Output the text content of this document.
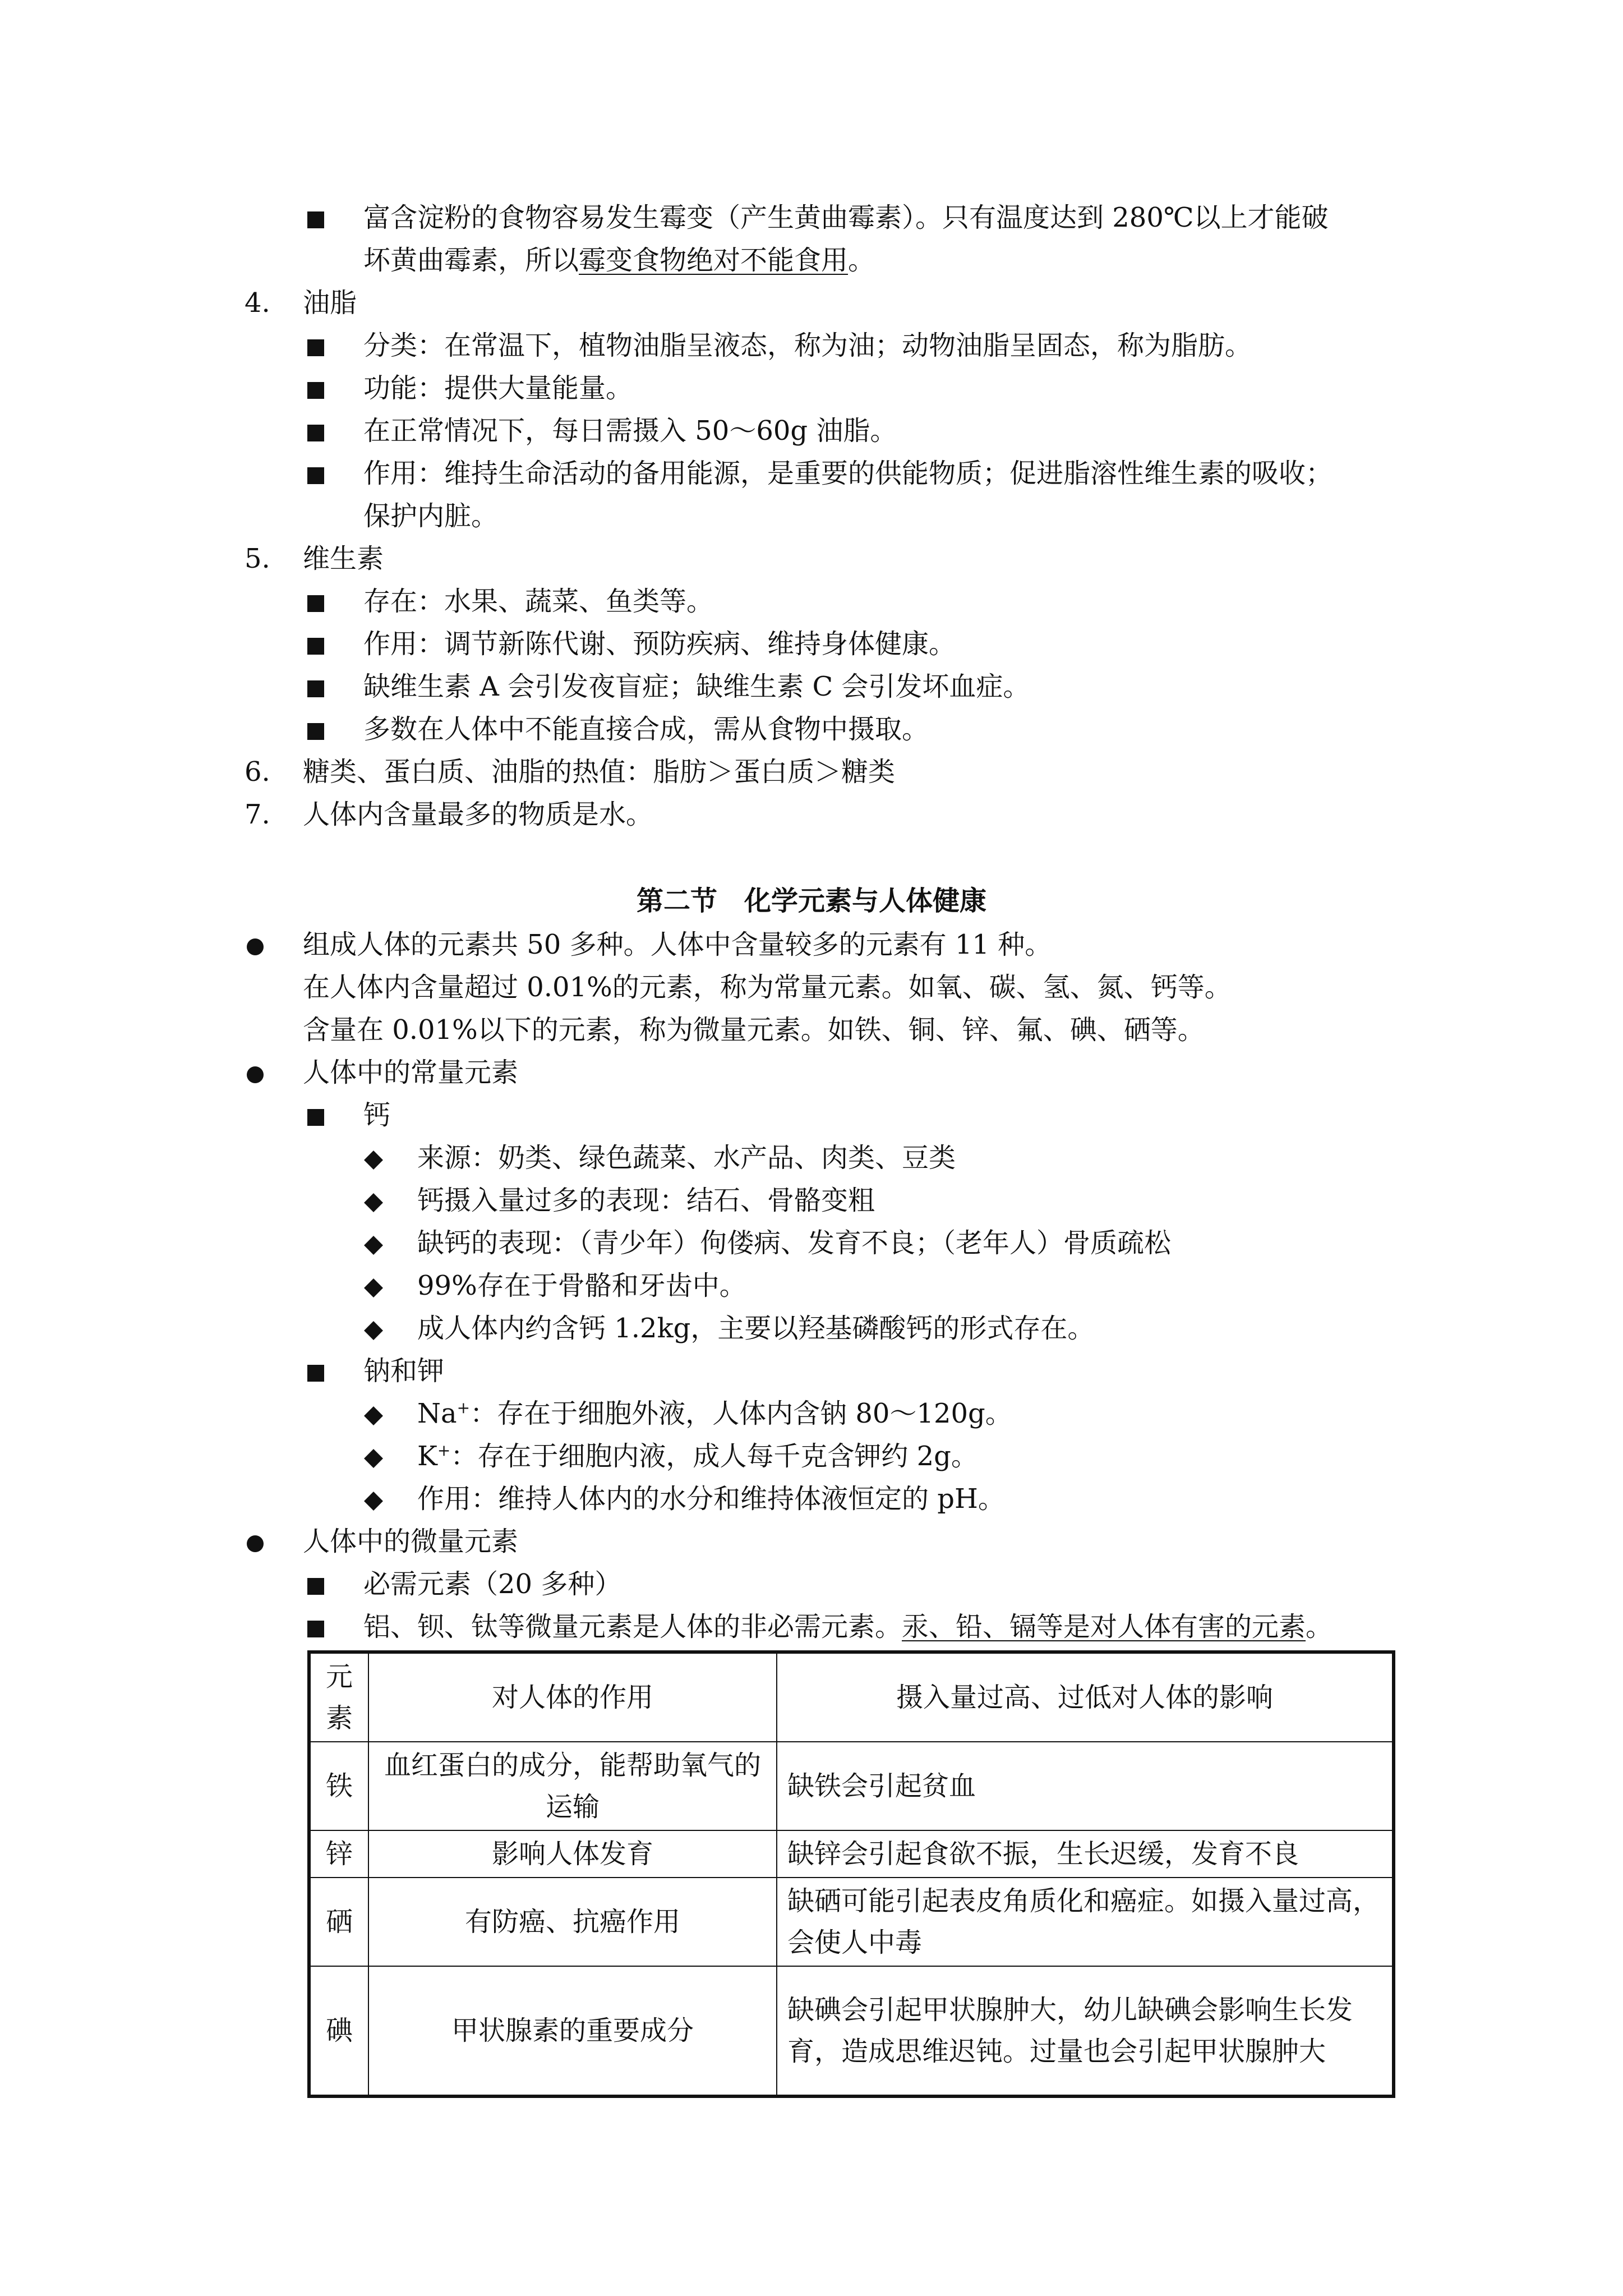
富含淀粉的食物容易发生霉变（产生黄曲霉素）。只有温度达到 280℃以上才能破
坏黄曲霉素，所以霉变食物绝对不能食用。
4. 油脂
分类：在常温下，植物油脂呈液态，称为油；动物油脂呈固态，称为脂肪。
功能：提供大量能量。
在正常情况下，每日需摄入 50～60g 油脂。
作用：维持生命活动的备用能源，是重要的供能物质；促进脂溶性维生素的吸收；
保护内脏。
5. 维生素
存在：水果、蔬菜、鱼类等。
作用：调节新陈代谢、预防疾病、维持身体健康。
缺维生素 A 会引发夜盲症；缺维生素 C 会引发坏血症。
多数在人体中不能直接合成，需从食物中摄取。
6. 糖类、蛋白质、油脂的热值：脂肪＞蛋白质＞糖类
7. 人体内含量最多的物质是水。
第二节　化学元素与人体健康
组成人体的元素共 50 多种。人体中含量较多的元素有 11 种。
在人体内含量超过 0.01%的元素，称为常量元素。如氧、碳、氢、氮、钙等。
含量在 0.01%以下的元素，称为微量元素。如铁、铜、锌、氟、碘、硒等。
人体中的常量元素
钙
来源：奶类、绿色蔬菜、水产品、肉类、豆类
钙摄入量过多的表现：结石、骨骼变粗
缺钙的表现：（青少年）佝偻病、发育不良；（老年人）骨质疏松
99%存在于骨骼和牙齿中。
成人体内约含钙 1.2kg，主要以羟基磷酸钙的形式存在。
钠和钾
Na+：存在于细胞外液，人体内含钠 80～120g。
K+：存在于细胞内液，成人每千克含钾约 2g。
作用：维持人体内的水分和维持体液恒定的 pH。
人体中的微量元素
必需元素（20 多种）
铝、钡、钛等微量元素是人体的非必需元素。汞、铅、镉等是对人体有害的元素。
元素	对人体的作用	摄入量过高、过低对人体的影响
铁	血红蛋白的成分，能帮助氧气的运输	缺铁会引起贫血
锌	影响人体发育	缺锌会引起食欲不振，生长迟缓，发育不良
硒	有防癌、抗癌作用	缺硒可能引起表皮角质化和癌症。如摄入量过高，会使人中毒
碘	甲状腺素的重要成分	缺碘会引起甲状腺肿大，幼儿缺碘会影响生长发育，造成思维迟钝。过量也会引起甲状腺肿大
